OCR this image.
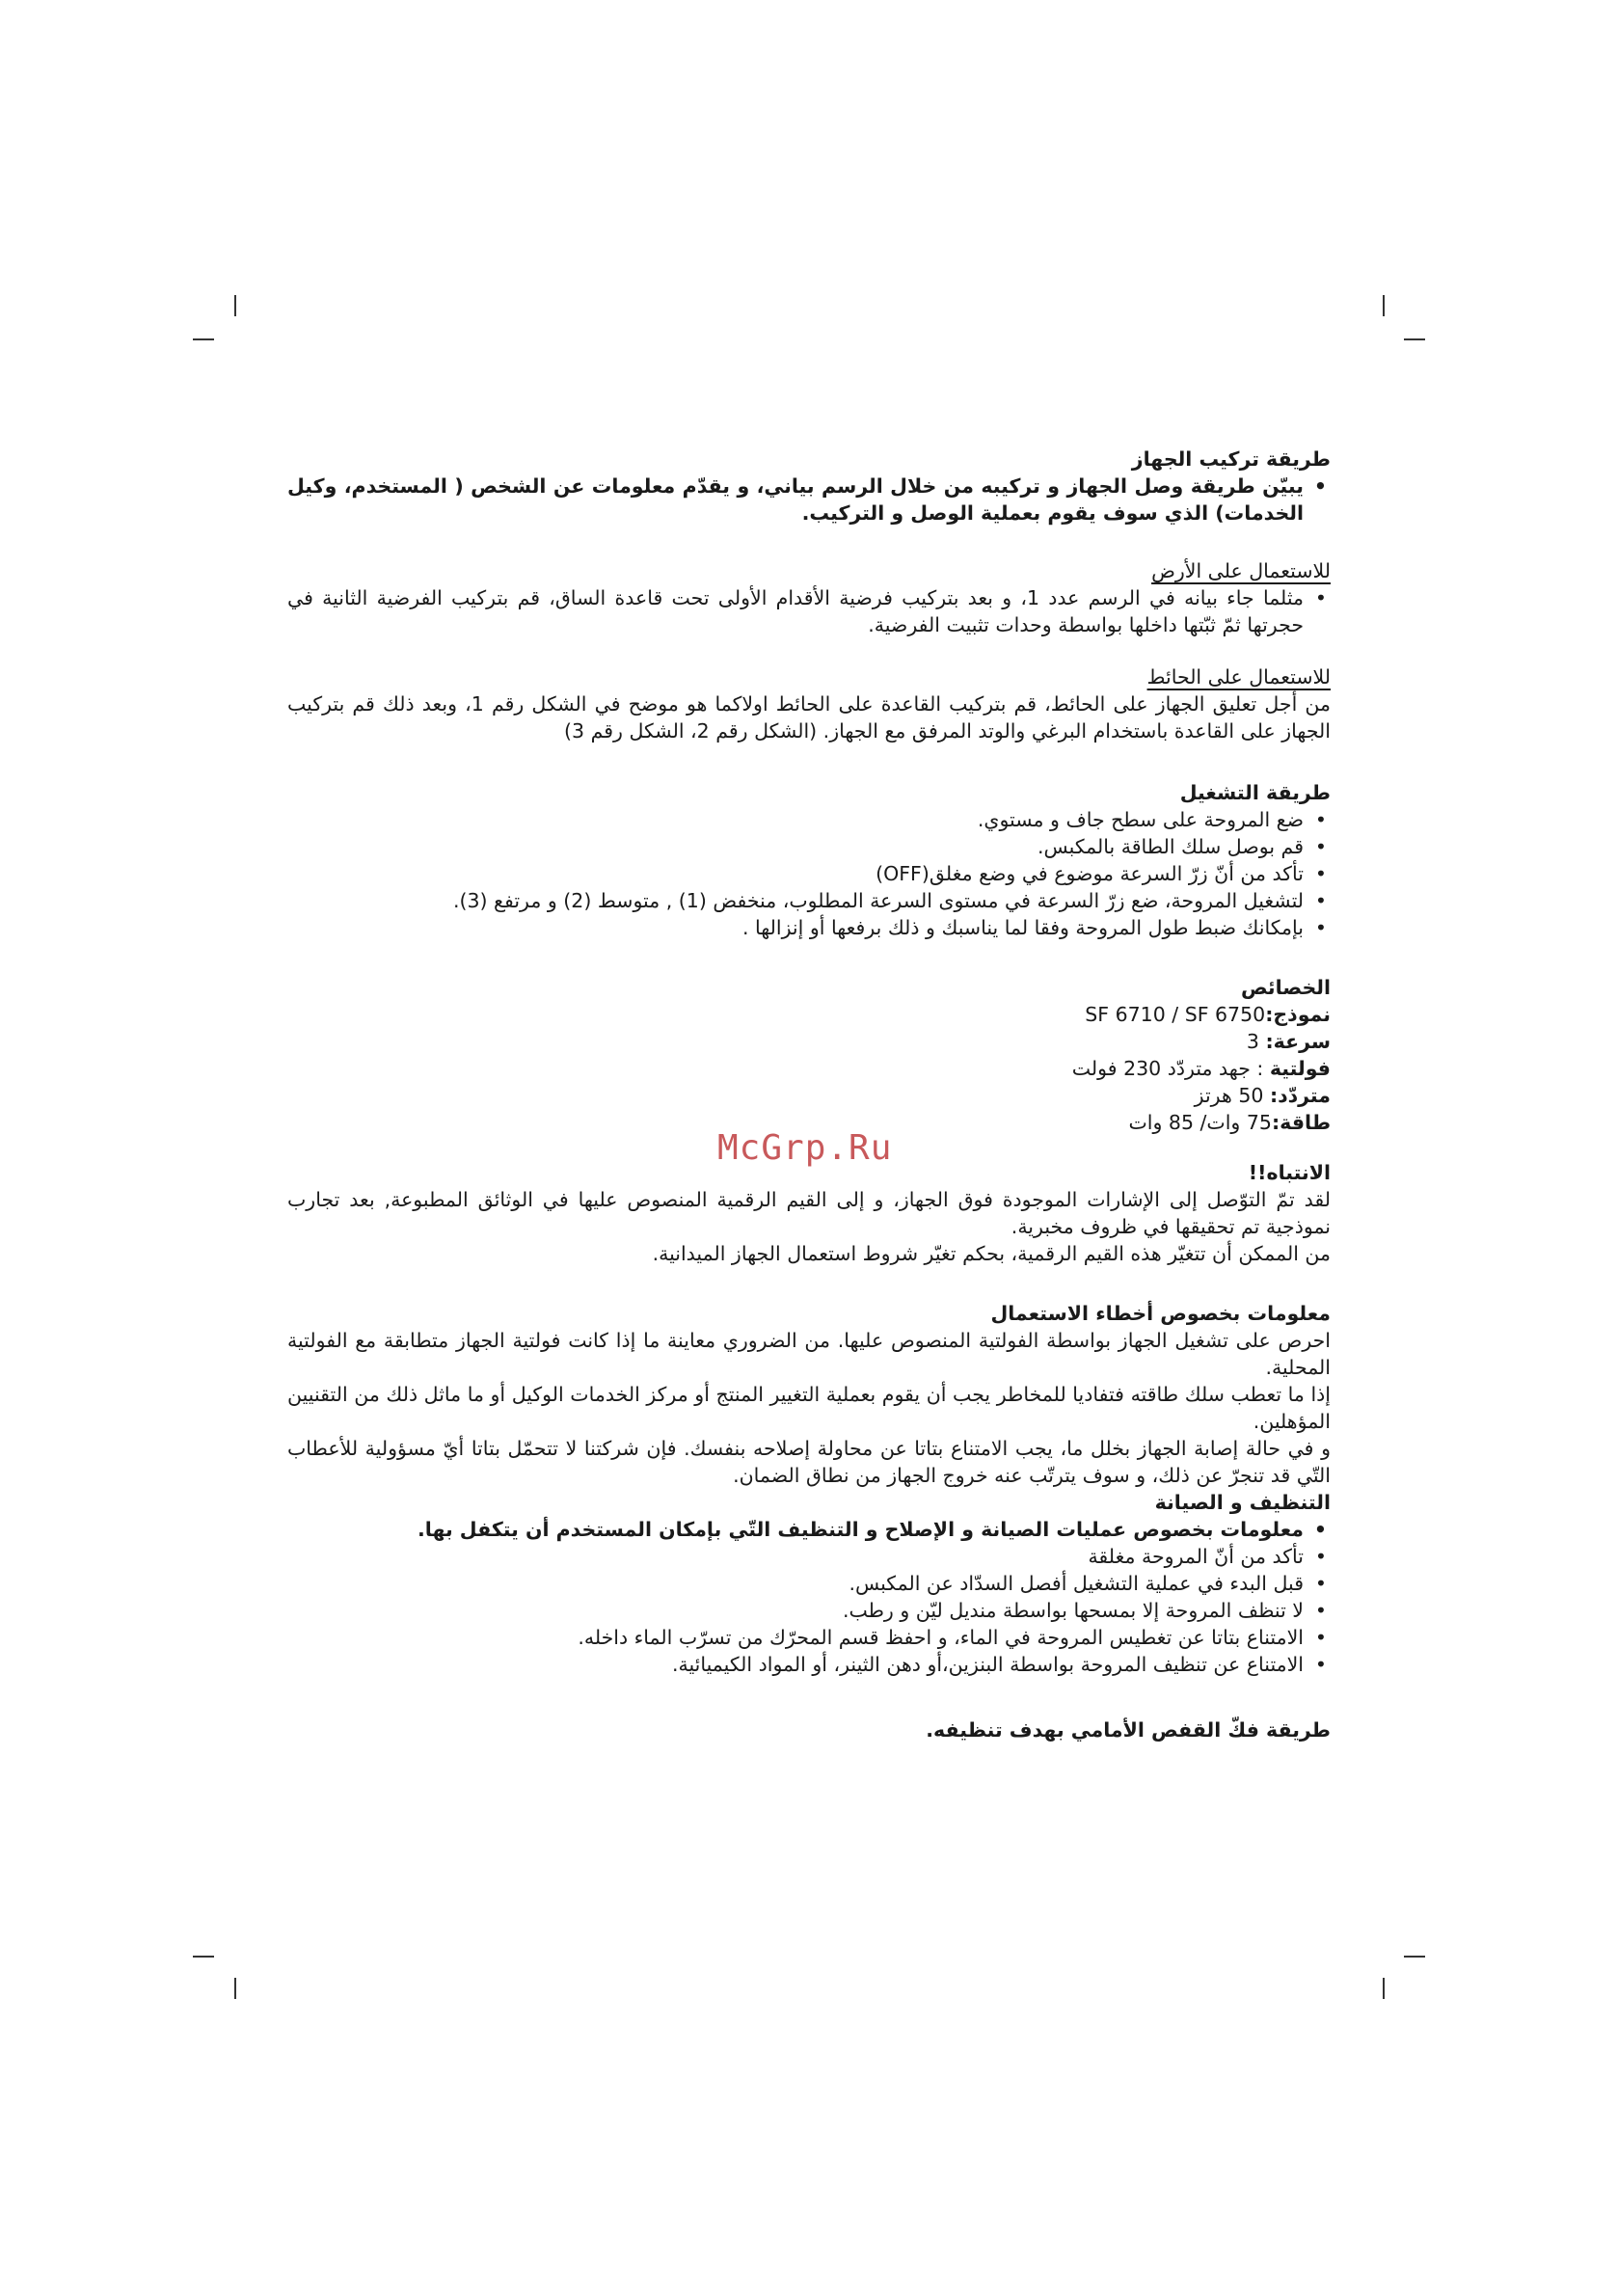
McGrp.Ru

طريقة تركيب الجهاز

• يبيّن طريقة وصل الجهاز و تركيبه من خلال الرسم بياني، و يقدّم معلومات عن الشخص ( المستخدم، وكيل الخدمات) الذي سوف يقوم بعملية الوصل و التركيب.

للاستعمال على الأرض

• مثلما جاء بيانه في الرسم عدد 1، و بعد بتركيب فرضية الأقدام الأولى تحت قاعدة الساق، قم بتركيب الفرضية الثانية في حجرتها ثمّ ثبّتها داخلها بواسطة وحدات تثبيت الفرضية.

للاستعمال على الحائط

من أجل تعليق الجهاز على الحائط، قم بتركيب القاعدة على الحائط اولاكما هو موضح في الشكل رقم 1، وبعد ذلك قم بتركيب الجهاز على القاعدة باستخدام البرغي والوتد المرفق مع الجهاز. (الشكل رقم 2، الشكل رقم 3)

طريقة التشغيل

• ضع المروحة على سطح جاف و مستوي.
• قم بوصل سلك الطاقة بالمكبس.
• تأكد من أنّ زرّ السرعة موضوع في وضع مغلق(OFF)
• لتشغيل المروحة، ضع زرّ السرعة في مستوى السرعة المطلوب، منخفض (1) , متوسط (2) و مرتفع (3).
• بإمكانك ضبط طول المروحة وفقا لما يناسبك و ذلك برفعها أو إنزالها .

الخصائص

نموذج:SF 6710 / SF 6750
سرعة: 3
فولتية : جهد متردّد 230 فولت
متردّد: 50 هرتز
طاقة:75 وات/ 85 وات

الانتباه!!

لقد تمّ التوّصل إلى الإشارات الموجودة فوق الجهاز، و إلى القيم الرقمية المنصوص عليها في الوثائق المطبوعة, بعد تجارب نموذجية تم تحقيقها في ظروف مخبرية.

من الممكن أن تتغيّر هذه القيم الرقمية، بحكم تغيّر شروط استعمال الجهاز الميدانية.

معلومات بخصوص أخطاء الاستعمال

احرص على تشغيل الجهاز بواسطة الفولتية المنصوص عليها. من الضروري معاينة ما إذا كانت فولتية الجهاز متطابقة مع الفولتية المحلية.

إذا ما تعطب سلك طاقته فتفاديا للمخاطر يجب أن يقوم بعملية التغيير المنتج أو مركز الخدمات الوكيل أو ما ماثل ذلك من التقنيين المؤهلين.

و في حالة إصابة الجهاز بخلل ما، يجب الامتناع بتاتا عن محاولة إصلاحه بنفسك. فإن شركتنا لا تتحمّل بتاتا أيّ مسؤولية للأعطاب التّي قد تنجرّ عن ذلك، و سوف يترتّب عنه خروج الجهاز من نطاق الضمان.

التنظيف و الصيانة

• معلومات بخصوص عمليات الصيانة و الإصلاح و التنظيف التّي بإمكان المستخدم أن يتكفل بها.
• تأكد من أنّ المروحة مغلقة
• قبل البدء في عملية التشغيل أفصل السدّاد عن المكبس.
• لا تنظف المروحة إلا بمسحها بواسطة منديل ليّن و رطب.
• الامتناع بتاتا عن تغطيس المروحة في الماء، و احفظ قسم المحرّك من تسرّب الماء داخله.
• الامتناع عن تنظيف المروحة بواسطة البنزين،أو دهن الثينر، أو المواد الكيميائية.

طريقة فكّ القفص الأمامي بهدف تنظيفه.
